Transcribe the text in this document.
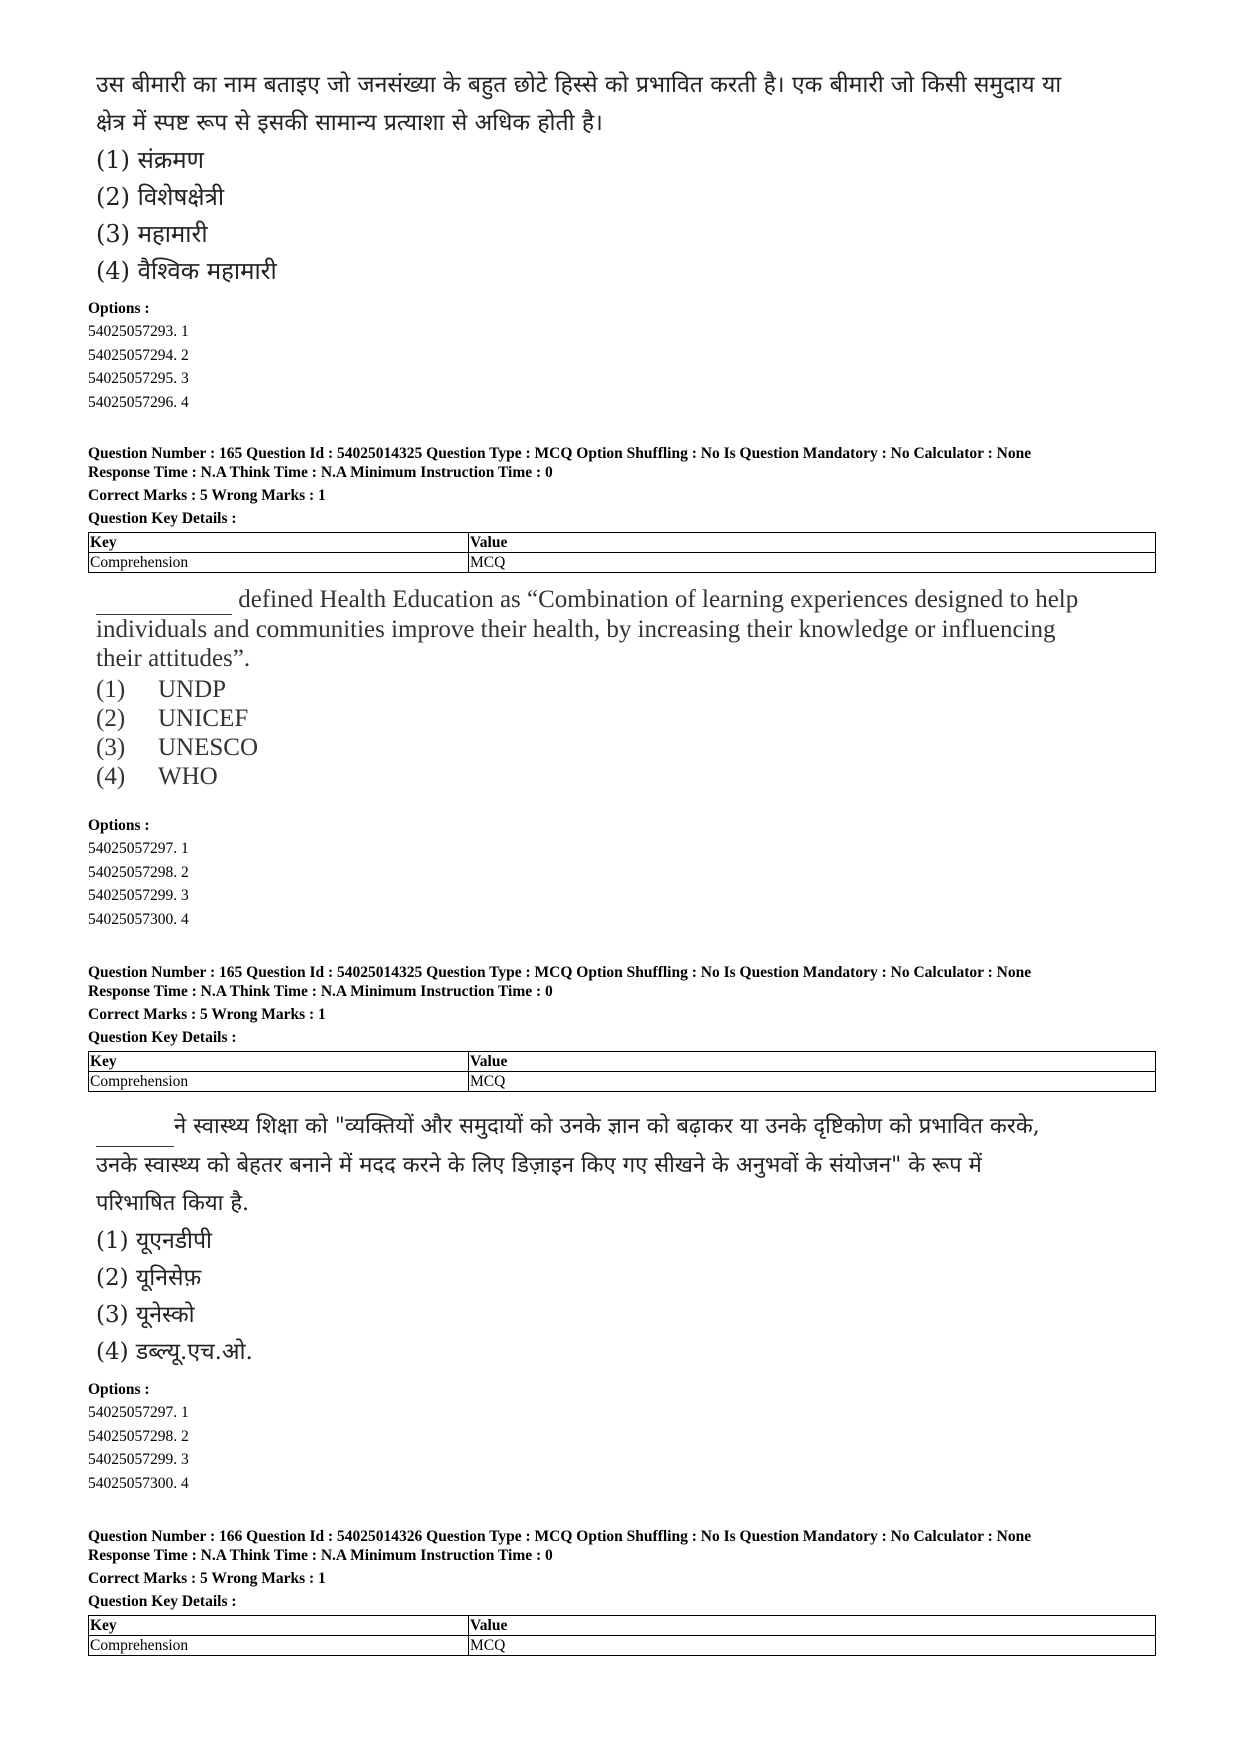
उस बीमारी का नाम बताइए जो जनसंख्या के बहुत छोटे हिस्से को प्रभावित करती है। एक बीमारी जो किसी समुदाय या

क्षेत्र में स्पष्ट रूप से इसकी सामान्य प्रत्याशा से अधिक होती है।

(1) संक्रमण
(2) विशेषक्षेत्री
(3) महामारी
(4) वैश्विक महामारी
Options :
54025057293. 1
54025057294. 2
54025057295. 3
54025057296. 4
Question Number : 165 Question Id : 54025014325 Question Type : MCQ Option Shuffling : No Is Question Mandatory : No Calculator : None
Response Time : N.A Think Time : N.A Minimum Instruction Time : 0
Correct Marks : 5 Wrong Marks : 1
Question Key Details :
Key	Value
Comprehension	MCQ

defined Health Education as “Combination of learning experiences designed to help

individuals and communities improve their health, by increasing their knowledge or influencing

their attitudes”.

(1)	UNDP
(2)	UNICEF
(3)	UNESCO
(4)	WHO
Options :
54025057297. 1
54025057298. 2
54025057299. 3
54025057300. 4
Question Number : 165 Question Id : 54025014325 Question Type : MCQ Option Shuffling : No Is Question Mandatory : No Calculator : None
Response Time : N.A Think Time : N.A Minimum Instruction Time : 0
Correct Marks : 5 Wrong Marks : 1
Question Key Details :
Key	Value
Comprehension	MCQ

ने स्वास्थ्य शिक्षा को "व्यक्तियों और समुदायों को उनके ज्ञान को बढ़ाकर या उनके दृष्टिकोण को प्रभावित करके,

उनके स्वास्थ्य को बेहतर बनाने में मदद करने के लिए डिज़ाइन किए गए सीखने के अनुभवों के संयोजन" के रूप में

परिभाषित किया है.

(1) यूएनडीपी
(2) यूनिसेफ़
(3) यूनेस्को
(4) डब्ल्यू.एच.ओ.
Options :
54025057297. 1
54025057298. 2
54025057299. 3
54025057300. 4
Question Number : 166 Question Id : 54025014326 Question Type : MCQ Option Shuffling : No Is Question Mandatory : No Calculator : None
Response Time : N.A Think Time : N.A Minimum Instruction Time : 0
Correct Marks : 5 Wrong Marks : 1
Question Key Details :
Key	Value
Comprehension	MCQ
